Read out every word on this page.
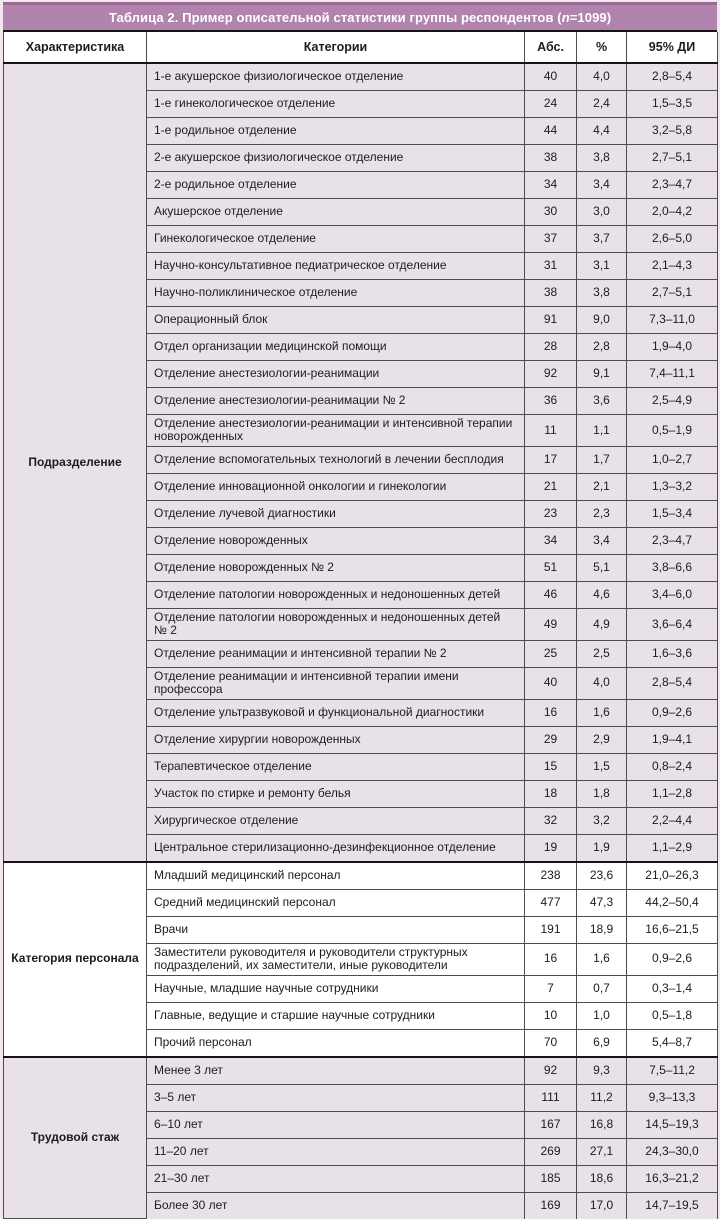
Таблица 2. Пример описательной статистики группы респондентов (n=1099)
Характеристика	Категории	Абс.	%	95% ДИ
Подразделение	1-е акушерское физиологическое отделение	40	4,0	2,8–5,4
	1-е гинекологическое отделение	24	2,4	1,5–3,5
	1-е родильное отделение	44	4,4	3,2–5,8
	2-е акушерское физиологическое отделение	38	3,8	2,7–5,1
	2-е родильное отделение	34	3,4	2,3–4,7
	Акушерское отделение	30	3,0	2,0–4,2
	Гинекологическое отделение	37	3,7	2,6–5,0
	Научно-консультативное педиатрическое отделение	31	3,1	2,1–4,3
	Научно-поликлиническое отделение	38	3,8	2,7–5,1
	Операционный блок	91	9,0	7,3–11,0
	Отдел организации медицинской помощи	28	2,8	1,9–4,0
	Отделение анестезиологии-реанимации	92	9,1	7,4–11,1
	Отделение анестезиологии-реанимации № 2	36	3,6	2,5–4,9
	Отделение анестезиологии-реанимации и интенсивной терапии новорожденных	11	1,1	0,5–1,9
	Отделение вспомогательных технологий в лечении бесплодия	17	1,7	1,0–2,7
	Отделение инновационной онкологии и гинекологии	21	2,1	1,3–3,2
	Отделение лучевой диагностики	23	2,3	1,5–3,4
	Отделение новорожденных	34	3,4	2,3–4,7
	Отделение новорожденных № 2	51	5,1	3,8–6,6
	Отделение патологии новорожденных и недоношенных детей	46	4,6	3,4–6,0
	Отделение патологии новорожденных и недоношенных детей № 2	49	4,9	3,6–6,4
	Отделение реанимации и интенсивной терапии № 2	25	2,5	1,6–3,6
	Отделение реанимации и интенсивной терапии имени профессора	40	4,0	2,8–5,4
	Отделение ультразвуковой и функциональной диагностики	16	1,6	0,9–2,6
	Отделение хирургии новорожденных	29	2,9	1,9–4,1
	Терапевтическое отделение	15	1,5	0,8–2,4
	Участок по стирке и ремонту белья	18	1,8	1,1–2,8
	Хирургическое отделение	32	3,2	2,2–4,4
	Центральное стерилизационно-дезинфекционное отделение	19	1,9	1,1–2,9
Категория персонала	Младший медицинский персонал	238	23,6	21,0–26,3
	Средний медицинский персонал	477	47,3	44,2–50,4
	Врачи	191	18,9	16,6–21,5
	Заместители руководителя и руководители структурных подразделений, их заместители, иные руководители	16	1,6	0,9–2,6
	Научные, младшие научные сотрудники	7	0,7	0,3–1,4
	Главные, ведущие и старшие научные сотрудники	10	1,0	0,5–1,8
	Прочий персонал	70	6,9	5,4–8,7
Трудовой стаж	Менее 3 лет	92	9,3	7,5–11,2
	3–5 лет	111	11,2	9,3–13,3
	6–10 лет	167	16,8	14,5–19,3
	11–20 лет	269	27,1	24,3–30,0
	21–30 лет	185	18,6	16,3–21,2
	Более 30 лет	169	17,0	14,7–19,5
